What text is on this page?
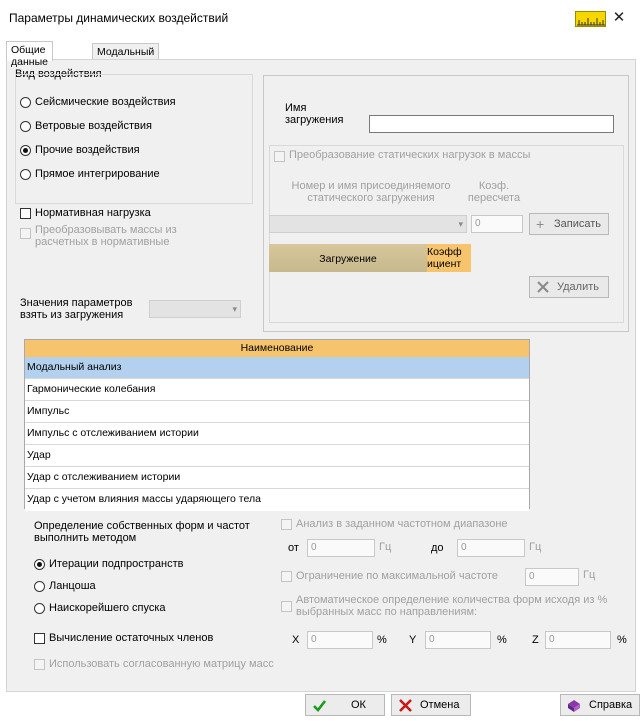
Параметры динамических воздействий	✕
Общие данные
Модальный
Вид воздействия
Сейсмические воздействия
Ветровые воздействия
Прочие воздействия
Прямое интегрирование
Нормативная нагрузка
Преобразовывать массы из
расчетных в нормативные
Значения параметров
взять из загружения	▾
Имя
загружения
Преобразование статических нагрузок в массы
Номер и имя присоединяемого
статического загружения
Коэф.
пересчета
▾	0	+ Записать
Загружение
Коэфф
ициент
Удалить
Наименование
Модальный анализ
Гармонические колебания
Импульс
Импульс с отслеживанием истории
Удар
Удар с отслеживанием истории
Удар с учетом влияния массы ударяющего тела
Определение собственных форм и частот
выполнить методом
Итерации подпространств
Ланцоша
Наискорейшего спуска
Вычисление остаточных членов
Использовать согласованную матрицу масс
Анализ в заданном частотном диапазоне
от	0	Гц	до	0	Гц
Ограничение по максимальной частоте	0	Гц
Автоматическое определение количества форм исходя из %
выбранных масс по направлениям:
X	0	% Y	0	% Z	0	%
ОК	Отмена	Справка
